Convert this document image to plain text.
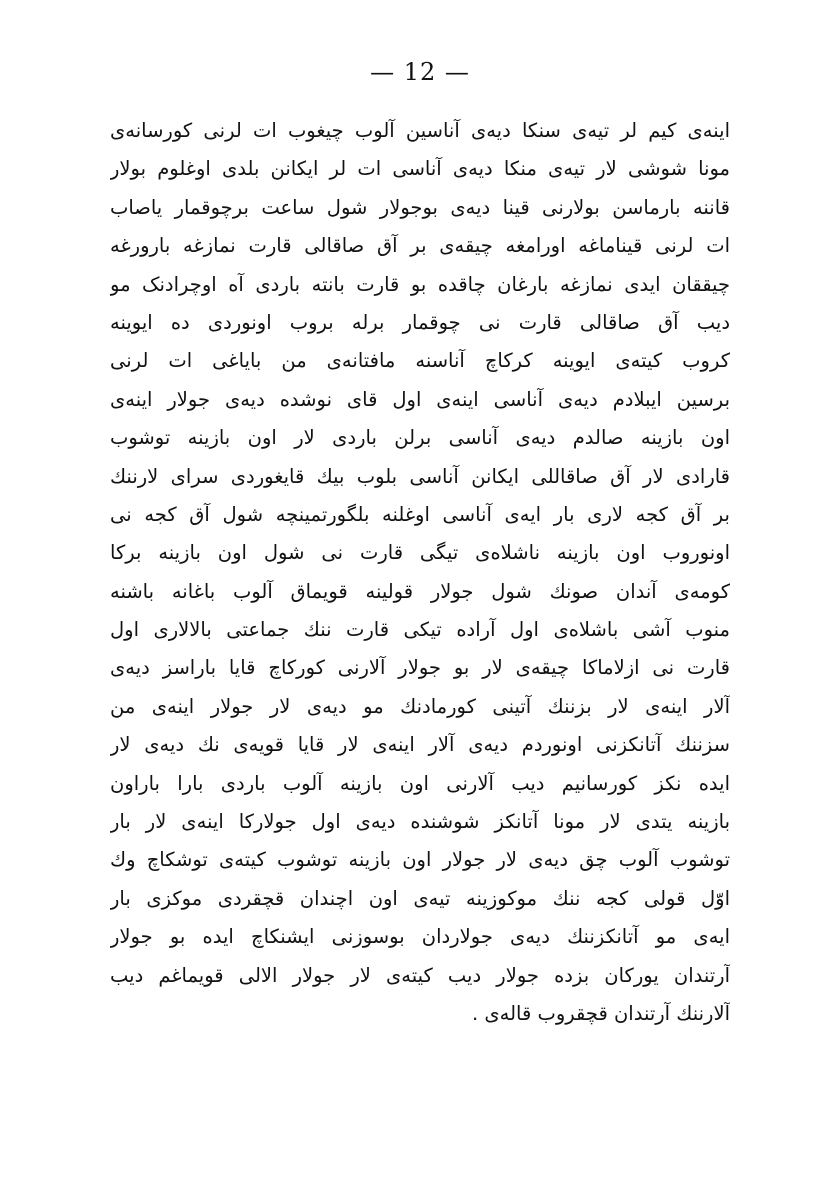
— 12 —
اینه‌ی کیم لر تیه‌ی سنکا دیه‌ی آناسین آلوب چیغوب ات لرنی کورسانه‌ی
مونا شوشی لار تیه‌ی منکا دیه‌ی آناسی ات لر ایکانن بلدی اوغلوم بولار
قاننه بارماسن بولارنی قینا دیه‌ی بوجولار شول ساعت برچوقمار یاصاب
ات لرنی قیناماغه اورامغه چیقه‌ی بر آق صاقالی قارت نمازغه بارورغه
چیققان ایدی نمازغه بارغان چاقده بو قارت بانته باردی آه اوچرادنک مو
دیب آق صاقالی قارت نی چوقمار برله بروب اونوردی ده ایوینه
کروب کیته‌ی ایوینه کرکاچ آناسنه مافتانه‌ی من بایاغی ات لرنی
برسین ایبلادم دیه‌ی آناسی اینه‌ی اول قای نوشده دیه‌ی جولار اینه‌ی
اون بازینه صالدم دیه‌ی آناسی برلن باردی لار اون بازینه توشوب
قارادی لار آق صاقاللی ایکانن آناسی بلوب بیك قایغوردی سرای لارننك
بر آق کجه لاری بار ایه‌ی آناسی اوغلنه بلگورتمینچه شول آق کجه نی
اونوروب اون بازینه ناشلاه‌ی تیگی قارت نی شول اون بازینه برکا
کومه‌ی آندان صونك شول جولار قولینه قویماق آلوب باغانه باشنه
منوب آشی باشلاه‌ی اول آراده تیکی قارت ننك جماعتی بالالاری اول
قارت نی ازلاماکا چیقه‌ی لار بو جولار آلارنی کورکاچ قایا باراسز دیه‌ی
آلار اینه‌ی لار بزننك آتینی کورمادنك مو دیه‌ی لار جولار اینه‌ی من
سزننك آتانکزنی اونوردم دیه‌ی آلار اینه‌ی لار قایا قویه‌ی نك دیه‌ی لار
ایده نکز کورسانیم دیب آلارنی اون بازینه آلوب باردی بارا باراون
بازینه یتدی لار مونا آتانکز شوشنده دیه‌ی اول جولارکا اینه‌ی لار بار
توشوب آلوب چق دیه‌ی لار جولار اون بازینه توشوب کیته‌ی توشکاچ وك
اوّل قولی کجه ننك موكوزینه تیه‌ی اون اچندان قچقردی موکزی بار
ایه‌ی مو آتانکزننك دیه‌ی جولاردان بوسوزنی ایشنکاچ ایده بو جولار
آرتندان یورکان بزده جولار دیب کیته‌ی لار جولار الالی قویماغم دیب
آلارننك آرتندان قچقروب قاله‌ی .
